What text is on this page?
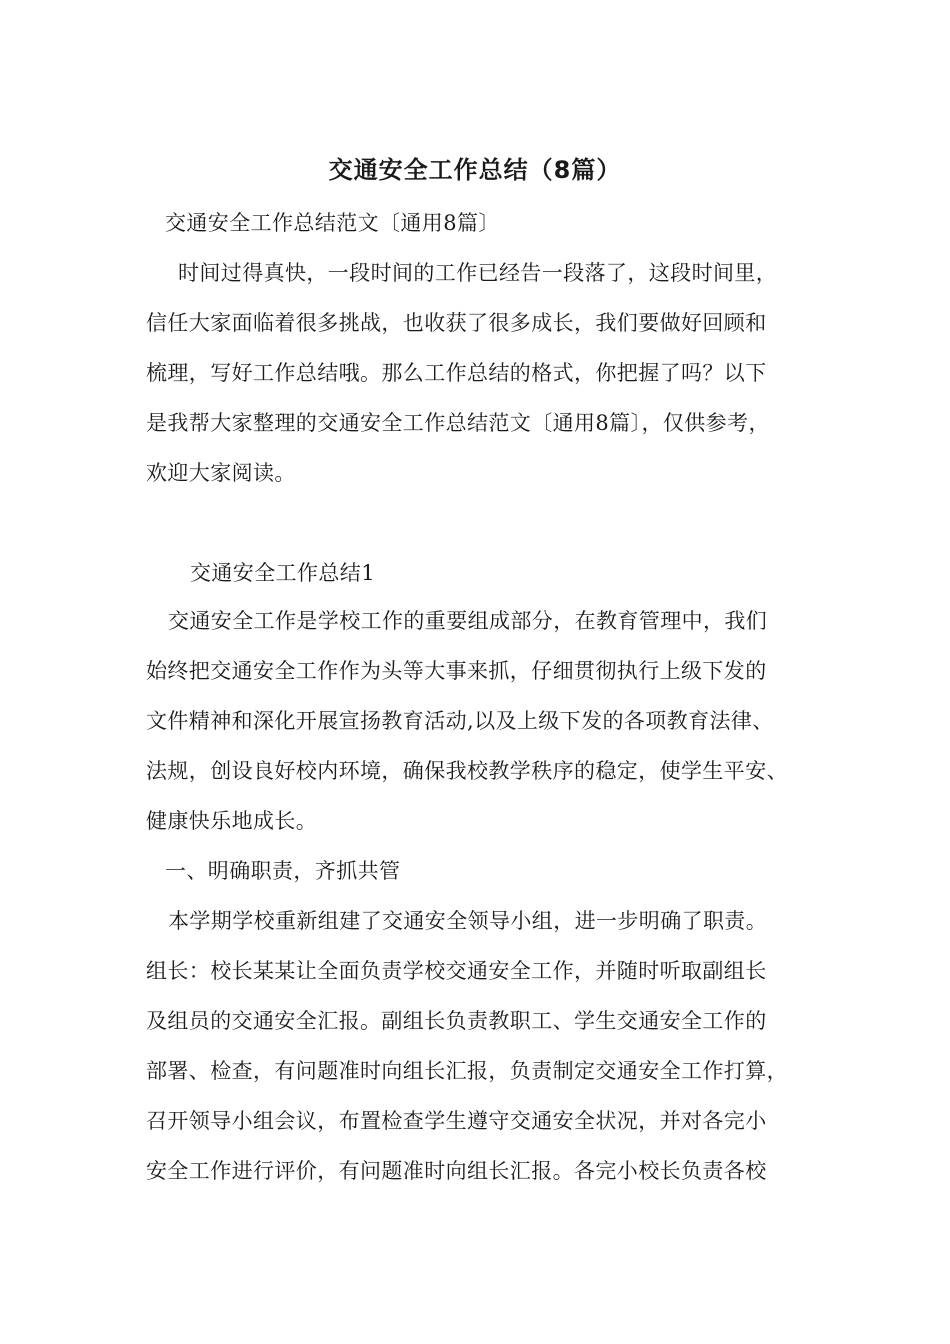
交通安全工作总结（8篇）
交通安全工作总结范文〔通用8篇〕
时间过得真快，一段时间的工作已经告一段落了，这段时间里，
信任大家面临着很多挑战，也收获了很多成长，我们要做好回顾和
梳理，写好工作总结哦。那么工作总结的格式，你把握了吗？以下
是我帮大家整理的交通安全工作总结范文〔通用8篇〕，仅供参考，
欢迎大家阅读。
交通安全工作总结1
交通安全工作是学校工作的重要组成部分，在教育管理中，我们
始终把交通安全工作作为头等大事来抓，仔细贯彻执行上级下发的
文件精神和深化开展宣扬教育活动,以及上级下发的各项教育法律、
法规，创设良好校内环境，确保我校教学秩序的稳定，使学生平安、
健康快乐地成长。
一、明确职责，齐抓共管
本学期学校重新组建了交通安全领导小组，进一步明确了职责。
组长：校长某某让全面负责学校交通安全工作，并随时听取副组长
及组员的交通安全汇报。副组长负责教职工、学生交通安全工作的
部署、检查，有问题准时向组长汇报，负责制定交通安全工作打算，
召开领导小组会议，布置检查学生遵守交通安全状况，并对各完小
安全工作进行评价，有问题准时向组长汇报。各完小校长负责各校
